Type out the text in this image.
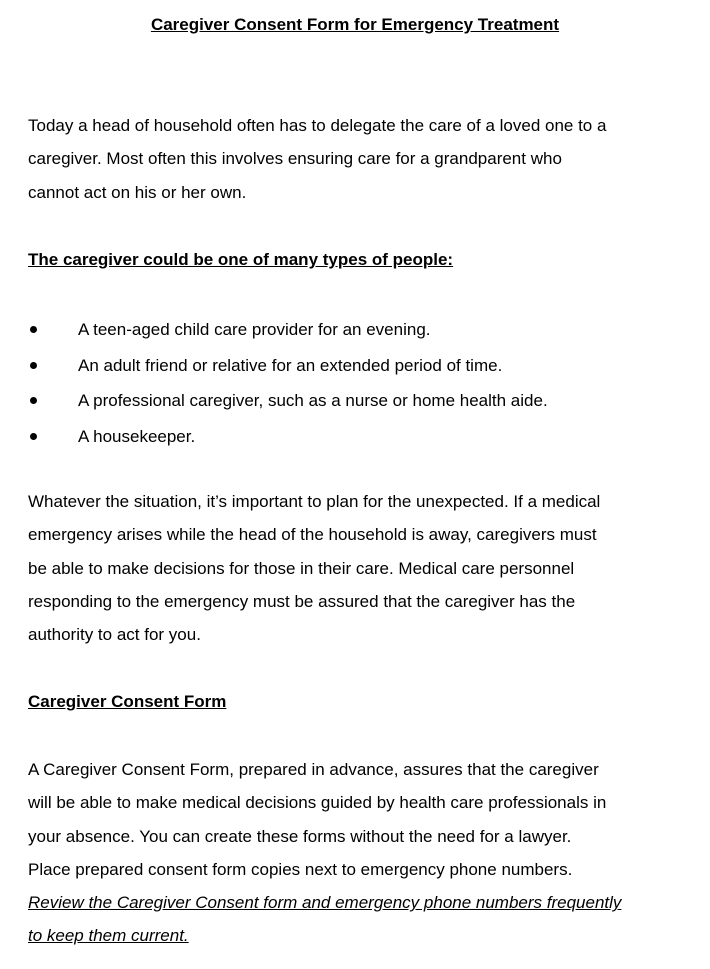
Caregiver Consent Form for Emergency Treatment

Today a head of household often has to delegate the care of a loved one to a
caregiver. Most often this involves ensuring care for a grandparent who
cannot act on his or her own.

The caregiver could be one of many types of people:
A teen-aged child care provider for an evening.
An adult friend or relative for an extended period of time.
A professional caregiver, such as a nurse or home health aide.
A housekeeper.

Whatever the situation, it’s important to plan for the unexpected. If a medical
emergency arises while the head of the household is away, caregivers must
be able to make decisions for those in their care. Medical care personnel
responding to the emergency must be assured that the caregiver has the
authority to act for you.

Caregiver Consent Form

A Caregiver Consent Form, prepared in advance, assures that the caregiver
will be able to make medical decisions guided by health care professionals in
your absence. You can create these forms without the need for a lawyer.
Place prepared consent form copies next to emergency phone numbers.
Review the Caregiver Consent form and emergency phone numbers frequently
to keep them current.
